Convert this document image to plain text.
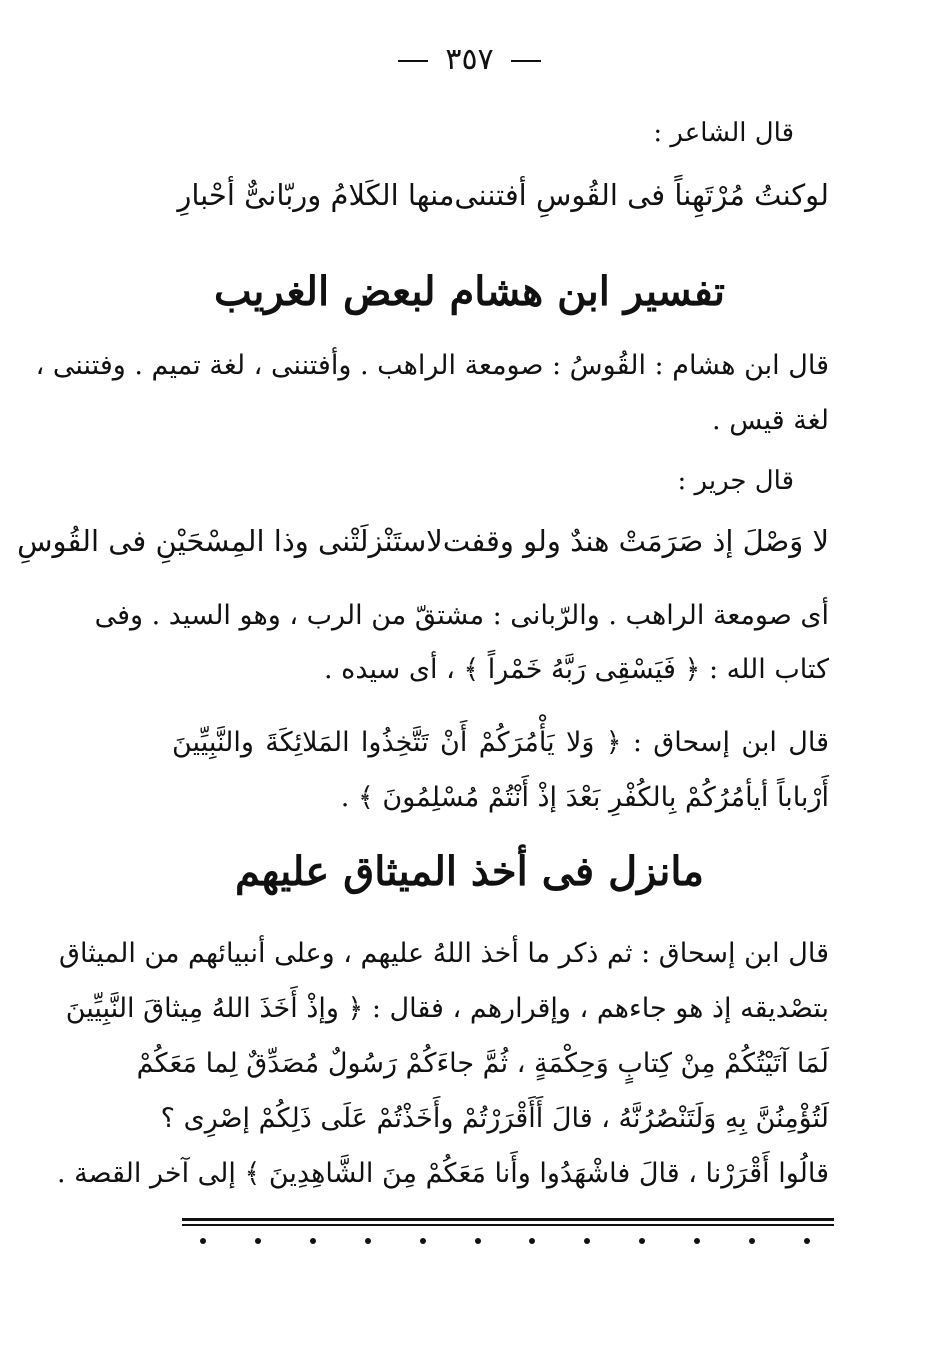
٣٥٧
قال الشاعر :
لوكنتُ مُرْتَهِناً فى القُوسِ أفتننى
منها الكَلامُ وربّانىٌّ أحْبارِ
تفسير ابن هشام لبعض الغريب
قال ابن هشام : القُوسُ : صومعة الراهب . وأفتننى ، لغة تميم . وفتننى ،
لغة قيس .
قال جرير :
لا وَصْلَ إذ صَرَمَتْ هندٌ ولو وقفت
لاستَنْزلَتْنى وذا المِسْحَيْنِ فى القُوسِ
أى صومعة الراهب . والرّبانى : مشتقّ من الرب ، وهو السيد . وفى
كتاب الله : ﴿ فَيَسْقِى رَبَّهُ خَمْراً ﴾ ، أى سيده .
قال ابن إسحاق : ﴿ وَلا يَأْمُرَكُمْ أَنْ تَتَّخِذُوا المَلائِكَةَ والنَّبِيِّينَ
أَرْباباً أيأمُرُكُمْ بِالكُفْرِ بَعْدَ إذْ أَنْتُمْ مُسْلِمُونَ ﴾ .
مانزل فى أخذ الميثاق عليهم
قال ابن إسحاق : ثم ذكر ما أخذ اللهُ عليهم ، وعلى أنبيائهم من الميثاق
بتصْديقه إذ هو جاءهم ، وإقرارهم ، فقال : ﴿ وإذْ أَخَذَ اللهُ مِيثاقَ النَّبِيِّينَ
لَمَا آتَيْتُكُمْ مِنْ كِتابٍ وَحِكْمَةٍ ، ثُمَّ جاءَكُمْ رَسُولٌ مُصَدِّقٌ لِما مَعَكُمْ
لَتُؤْمِنُنَّ بِهِ وَلَتَنْصُرُنَّهُ ، قالَ أَأَقْرَرْتُمْ وأَخَذْتُمْ عَلَى ذَلِكُمْ إصْرِى ؟
قالُوا أَقْرَرْنا ، قالَ فاشْهَدُوا وأَنا مَعَكُمْ مِنَ الشَّاهِدِينَ ﴾ إلى آخر القصة .
